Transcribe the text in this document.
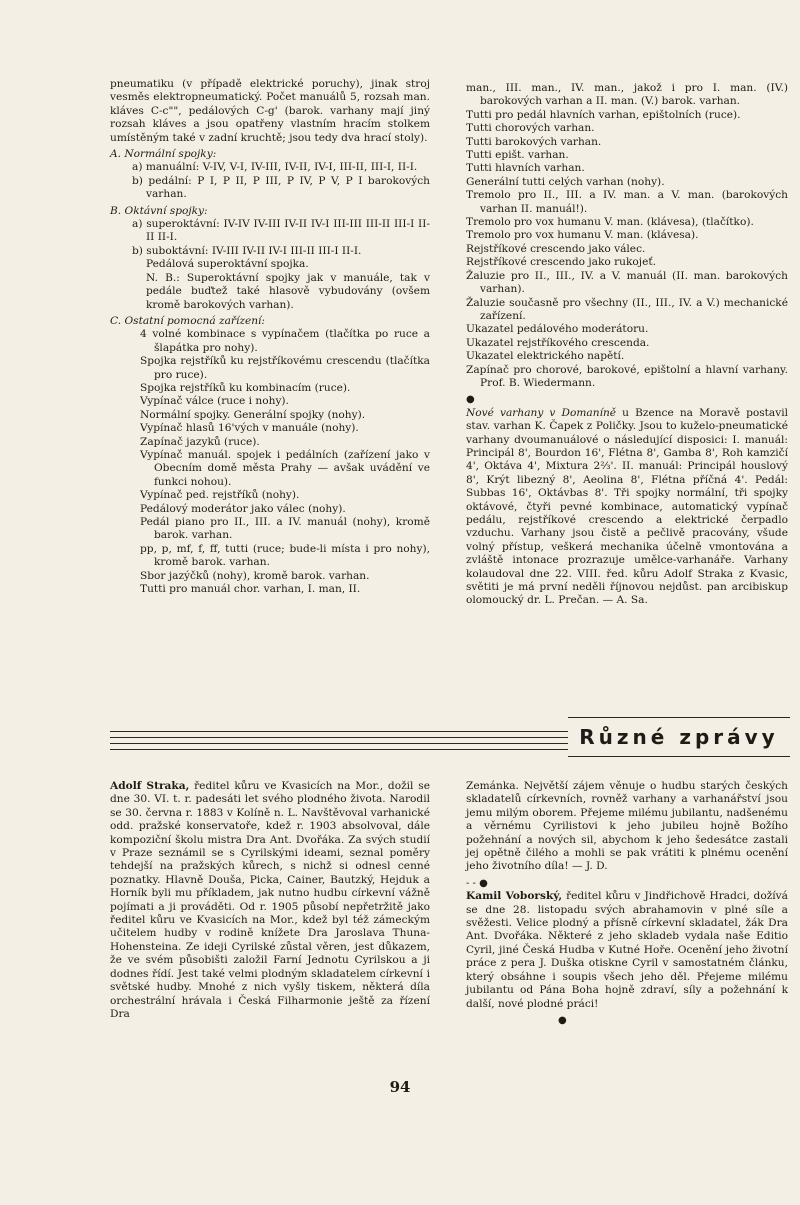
pneumatiku (v případě elektrické poruchy), jinak stroj vesměs elektropneumatický. Počet manuálů 5, rozsah man. kláves C-c"", pedálových C-g' (barok. varhany mají jiný rozsah kláves a jsou opatřeny vlastním hracím stolkem umístěným také v zadní kruchtě; jsou tedy dva hrací stoly).

A. Normální spojky:

a) manuální: V-IV, V-I, IV-III, IV-II, IV-I, III-II, III-I, II-I.

b) pedální: P I, P II, P III, P IV, P V, P I barokových varhan.

B. Oktávní spojky:

a) superoktávní: IV-IV IV-III IV-II IV-I III-III III-II III-I II-II II-I.

b) suboktávní: IV-III IV-II IV-I III-II III-I II-I.

Pedálová superoktávní spojka.

N. B.: Superoktávní spojky jak v manuále, tak v pedále buďtež také hlasově vybudovány (ovšem kromě barokových varhan).

C. Ostatní pomocná zařízení:

4 volné kombinace s vypínačem (tlačítka po ruce a šlapátka pro nohy).

Spojka rejstříků ku rejstříkovému crescendu (tlačítka pro ruce).

Spojka rejstříků ku kombinacím (ruce).

Vypínač válce (ruce i nohy).

Normální spojky. Generální spojky (nohy).

Vypínač hlasů 16'vých v manuále (nohy).

Zapínač jazyků (ruce).

Vypínač manuál. spojek i pedálních (zařízení jako v Obecním domě města Prahy — avšak uvádění ve funkci nohou).

Vypínač ped. rejstříků (nohy).

Pedálový moderátor jako válec (nohy).

Pedál piano pro II., III. a IV. manuál (nohy), kromě barok. varhan.

pp, p, mf, f, ff, tutti (ruce; bude-li místa i pro nohy), kromě barok. varhan.

Sbor jazýčků (nohy), kromě barok. varhan.

Tutti pro manuál chor. varhan, I. man, II.

man., III. man., IV. man., jakož i pro I. man. (IV.) barokových varhan a II. man. (V.) barok. varhan.

Tutti pro pedál hlavních varhan, epištolních (ruce).

Tutti chorových varhan.

Tutti barokových varhan.

Tutti epišt. varhan.

Tutti hlavních varhan.

Generální tutti celých varhan (nohy).

Tremolo pro II., III. a IV. man. a V. man. (barokových varhan II. manuál!).

Tremolo pro vox humanu V. man. (klávesa), (tlačítko).

Tremolo pro vox humanu V. man. (klávesa).

Rejstříkové crescendo jako válec.

Rejstříkové crescendo jako rukojeť.

Žaluzie pro II., III., IV. a V. manuál (II. man. barokových varhan).

Žaluzie současně pro všechny (II., III., IV. a V.) mechanické zařízení.

Ukazatel pedálového moderátoru.

Ukazatel rejstříkového crescenda.

Ukazatel elektrického napětí.

Zapínač pro chorové, barokové, epištolní a hlavní varhany. Prof. B. Wiedermann.

●

Nové varhany v Domaníně u Bzence na Moravě postavil stav. varhan K. Čapek z Poličky. Jsou to kuželo-pneumatické varhany dvoumanuálové o následující disposici: I. manuál: Principál 8', Bourdon 16', Flétna 8', Gamba 8', Roh kamzičí 4', Oktáva 4', Mixtura 2⅔'. II. manuál: Principál houslový 8', Krýt libezný 8', Aeolina 8', Flétna příčná 4'. Pedál: Subbas 16', Oktávbas 8'. Tři spojky normální, tři spojky oktávové, čtyři pevné kombinace, automatický vypínač pedálu, rejstříkové crescendo a elektrické čerpadlo vzduchu. Varhany jsou čistě a pečlivě pracovány, všude volný přístup, veškerá mechanika účelně vmontována a zvláště intonace prozrazuje umělce-varhanáře. Varhany kolaudoval dne 22. VIII. řed. kůru Adolf Straka z Kvasic, světiti je má první neděli říjnovou nejdůst. pan arcibiskup olomoucký dr. L. Prečan. — A. Sa.

Různé zprávy

Adolf Straka, ředitel kůru ve Kvasicích na Mor., dožil se dne 30. VI. t. r. padesáti let svého plodného života. Narodil se 30. června r. 1883 v Kolíně n. L. Navštěvoval varhanické odd. pražské konservatoře, kdež r. 1903 absolvoval, dále kompoziční školu mistra Dra Ant. Dvořáka. Za svých studií v Praze seznámil se s Cyrilskými ideami, seznal poměry tehdejší na pražských kůrech, s nichž si odnesl cenné poznatky. Hlavně Douša, Picka, Cainer, Bautzký, Hejduk a Horník byli mu příkladem, jak nutno hudbu církevní vážně pojímati a ji prováděti. Od r. 1905 působí nepřetržitě jako ředitel kůru ve Kvasicích na Mor., kdež byl též zámeckým učitelem hudby v rodině knížete Dra Jaroslava Thuna-Hohensteina. Ze ideji Cyrilské zůstal věren, jest důkazem, že ve svém působišti založil Farní Jednotu Cyrilskou a ji dodnes řídí. Jest také velmi plodným skladatelem církevní i světské hudby. Mnohé z nich vyšly tiskem, některá díla orchestrální hrávala i Česká Filharmonie ještě za řízení Dra

Zemánka. Největší zájem věnuje o hudbu starých českých skladatelů církevních, rovněž varhany a varhanářství jsou jemu milým oborem. Přejeme milému jubilantu, nadšenému a věrnému Cyrilistovi k jeho jubileu hojně Božího požehnání a nových sil, abychom k jeho šedesátce zastali jej opětně čilého a mohli se pak vrátiti k plnému ocenění jeho životního díla! — J. D.

- - ●

Kamil Voborský, ředitel kůru v Jindřichově Hradci, dožívá se dne 28. listopadu svých abrahamovin v plné síle a svěžesti. Velice plodný a přísně církevní skladatel, žák Dra Ant. Dvořáka. Některé z jeho skladeb vydala naše Editio Cyril, jiné Česká Hudba v Kutné Hoře. Ocenění jeho životní práce z pera J. Duška otiskne Cyril v samostatném článku, který obsáhne i soupis všech jeho děl. Přejeme milému jubilantu od Pána Boha hojně zdraví, síly a požehnání k další, nové plodné práci!

●

94
